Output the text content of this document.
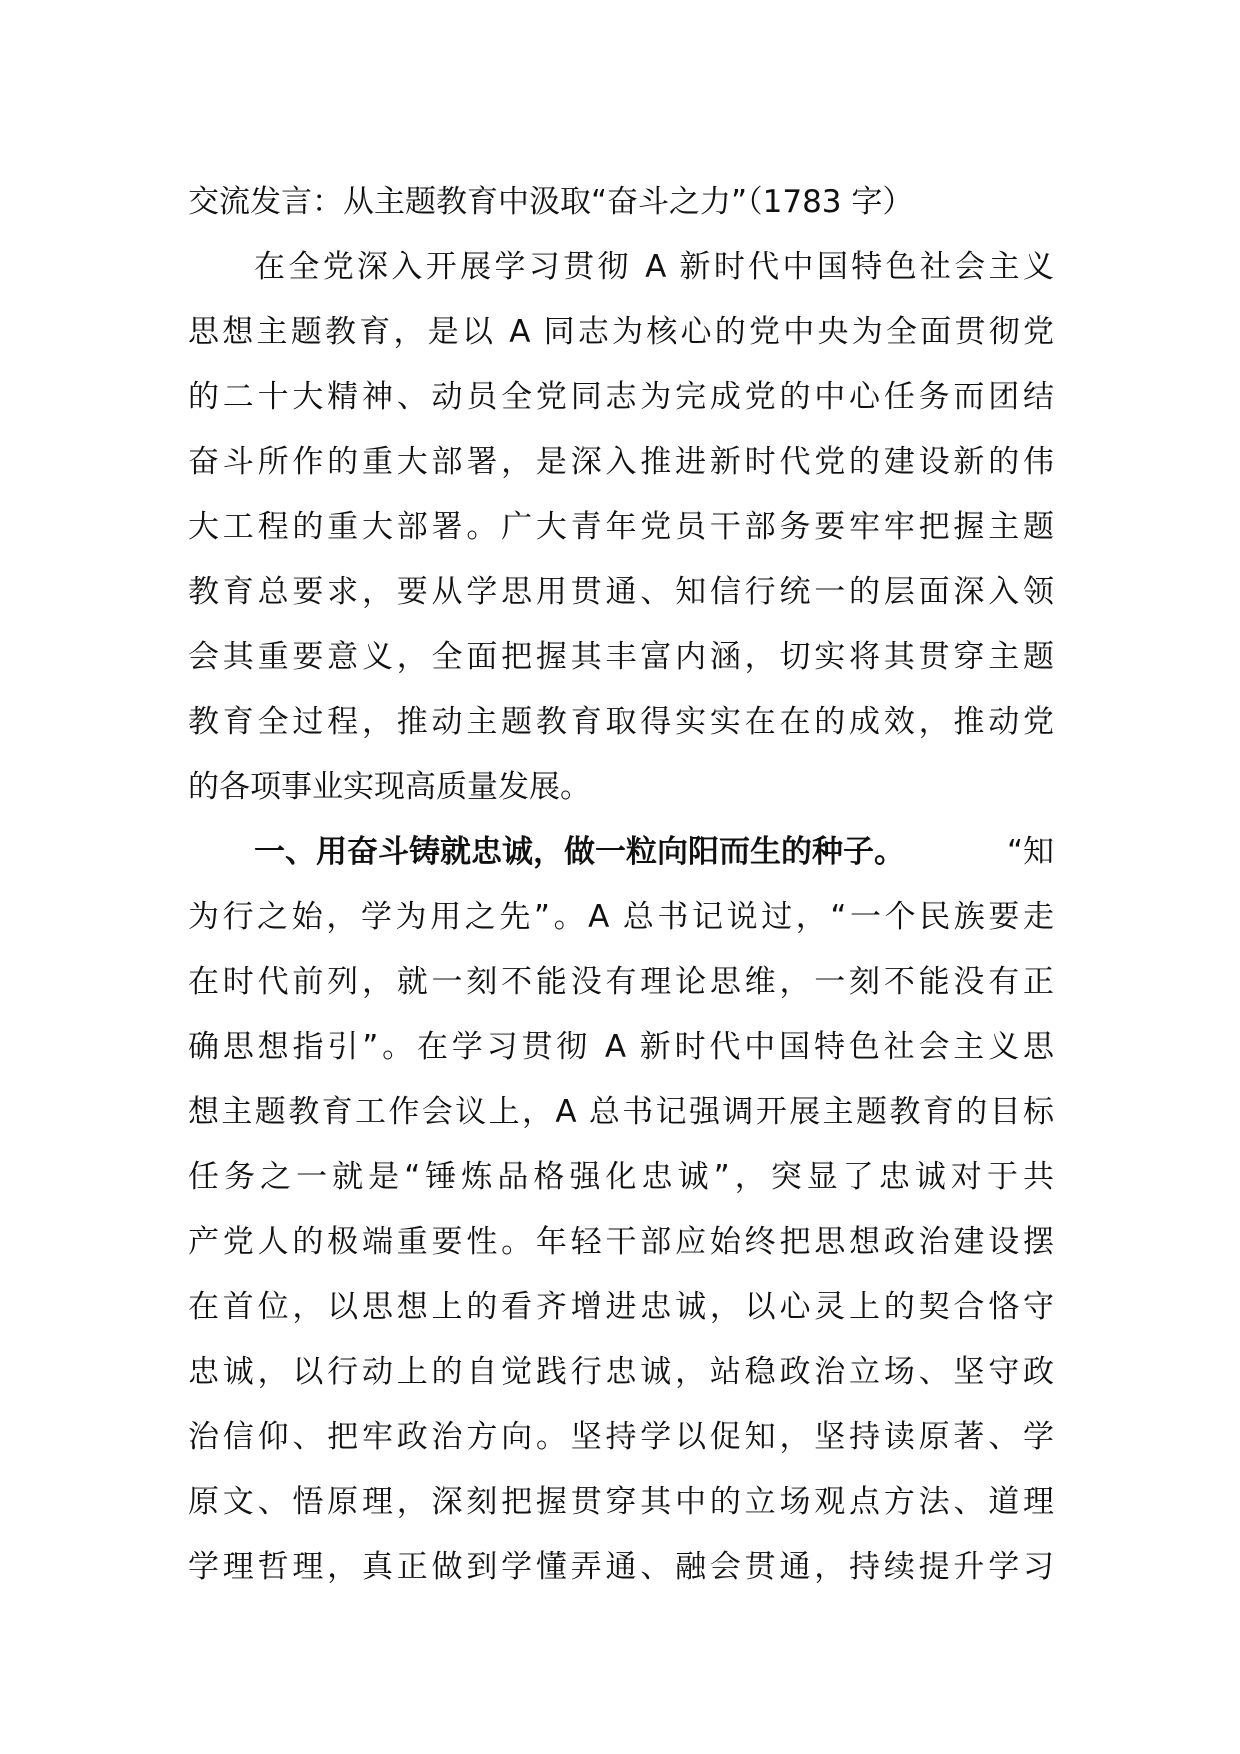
交流发言：从主题教育中汲取“奋斗之力”（1783 字）
在全党深入开展学习贯彻 A 新时代中国特色社会主义
思想主题教育，是以 A 同志为核心的党中央为全面贯彻党
的二十大精神、动员全党同志为完成党的中心任务而团结
奋斗所作的重大部署，是深入推进新时代党的建设新的伟
大工程的重大部署。广大青年党员干部务要牢牢把握主题
教育总要求，要从学思用贯通、知信行统一的层面深入领
会其重要意义，全面把握其丰富内涵，切实将其贯穿主题
教育全过程，推动主题教育取得实实在在的成效，推动党
的各项事业实现高质量发展。
一、用奋斗铸就忠诚，做一粒向阳而生的种子。	“知
为行之始，学为用之先”。A 总书记说过，“一个民族要走
在时代前列，就一刻不能没有理论思维，一刻不能没有正
确思想指引”。在学习贯彻 A 新时代中国特色社会主义思
想主题教育工作会议上，A 总书记强调开展主题教育的目标
任务之一就是“锤炼品格强化忠诚”，突显了忠诚对于共
产党人的极端重要性。年轻干部应始终把思想政治建设摆
在首位，以思想上的看齐增进忠诚，以心灵上的契合恪守
忠诚，以行动上的自觉践行忠诚，站稳政治立场、坚守政
治信仰、把牢政治方向。坚持学以促知，坚持读原著、学
原文、悟原理，深刻把握贯穿其中的立场观点方法、道理
学理哲理，真正做到学懂弄通、融会贯通，持续提升学习
